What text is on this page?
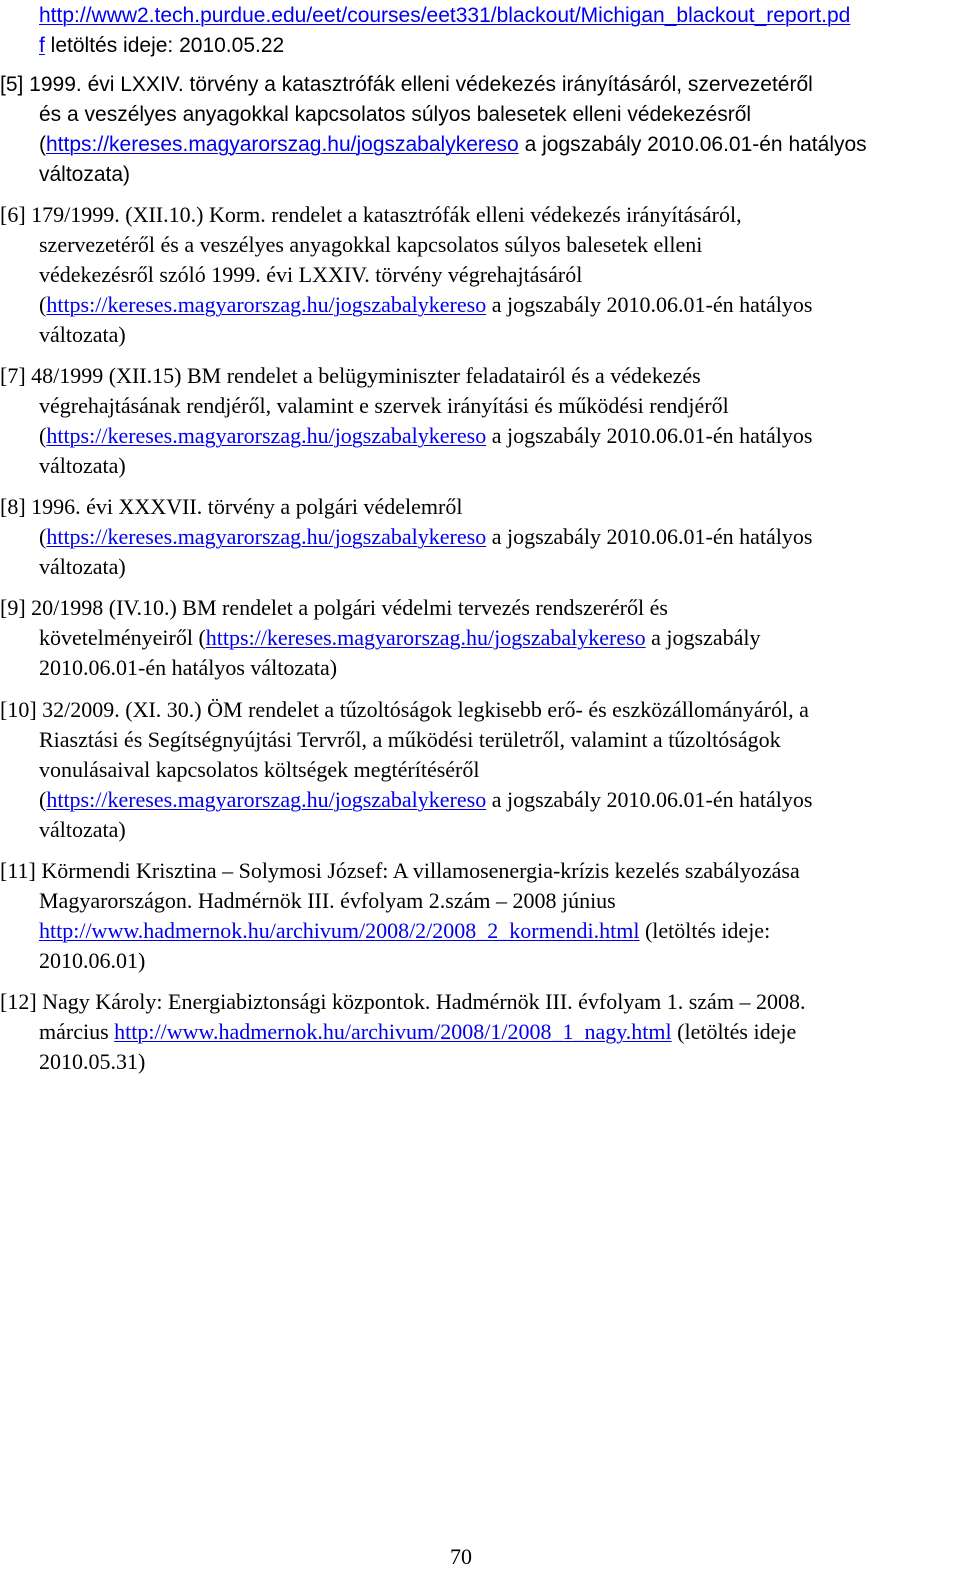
http://www2.tech.purdue.edu/eet/courses/eet331/blackout/Michigan_blackout_report.pd
f letöltés ideje: 2010.05.22
[5] 1999. évi LXXIV. törvény a katasztrófák elleni védekezés irányításáról, szervezetéről
és a veszélyes anyagokkal kapcsolatos súlyos balesetek elleni védekezésről
(https://kereses.magyarorszag.hu/jogszabalykereso a jogszabály 2010.06.01-én hatályos
változata)
[6] 179/1999. (XII.10.) Korm. rendelet a katasztrófák elleni védekezés irányításáról,
szervezetéről és a veszélyes anyagokkal kapcsolatos súlyos balesetek elleni
védekezésről szóló 1999. évi LXXIV. törvény végrehajtásáról
(https://kereses.magyarorszag.hu/jogszabalykereso a jogszabály 2010.06.01-én hatályos
változata)
[7] 48/1999 (XII.15) BM rendelet a belügyminiszter feladatairól és a védekezés
végrehajtásának rendjéről, valamint e szervek irányítási és működési rendjéről
(https://kereses.magyarorszag.hu/jogszabalykereso a jogszabály 2010.06.01-én hatályos
változata)
[8] 1996. évi XXXVII. törvény a polgári védelemről
(https://kereses.magyarorszag.hu/jogszabalykereso a jogszabály 2010.06.01-én hatályos
változata)
[9] 20/1998 (IV.10.) BM rendelet a polgári védelmi tervezés rendszeréről és
követelményeiről (https://kereses.magyarorszag.hu/jogszabalykereso a jogszabály
2010.06.01-én hatályos változata)
[10] 32/2009. (XI. 30.) ÖM rendelet a tűzoltóságok legkisebb erő- és eszközállományáról, a
Riasztási és Segítségnyújtási Tervről, a működési területről, valamint a tűzoltóságok
vonulásaival kapcsolatos költségek megtérítéséről
(https://kereses.magyarorszag.hu/jogszabalykereso a jogszabály 2010.06.01-én hatályos
változata)
[11] Körmendi Krisztina – Solymosi József: A villamosenergia-krízis kezelés szabályozása
Magyarországon. Hadmérnök III. évfolyam 2.szám – 2008 június
http://www.hadmernok.hu/archivum/2008/2/2008_2_kormendi.html (letöltés ideje:
2010.06.01)
[12] Nagy Károly: Energiabiztonsági központok. Hadmérnök III. évfolyam 1. szám – 2008.
március http://www.hadmernok.hu/archivum/2008/1/2008_1_nagy.html (letöltés ideje
2010.05.31)
70
